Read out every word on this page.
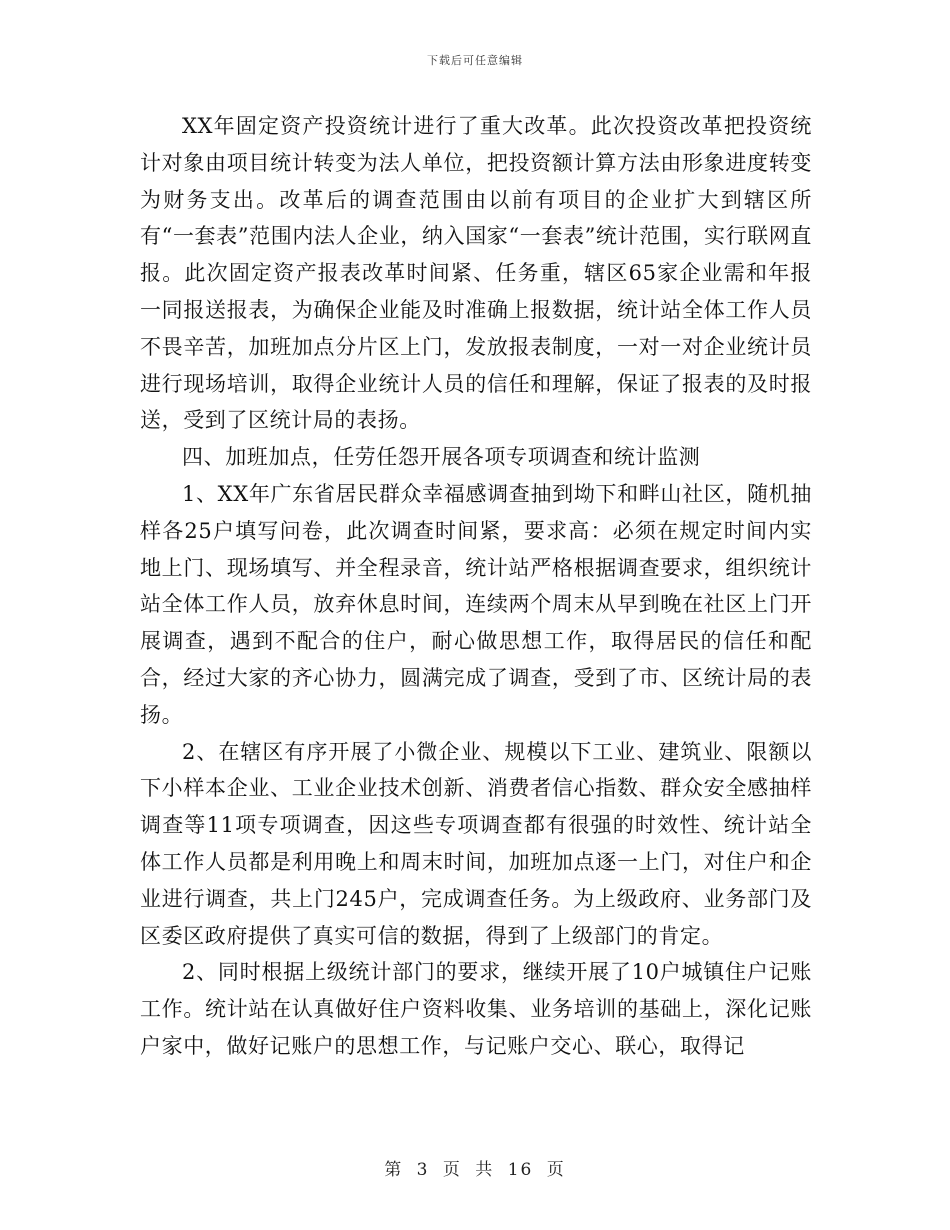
下载后可任意编辑

XX年固定资产投资统计进行了重大改革。此次投资改革把投资统计对象由项目统计转变为法人单位，把投资额计算方法由形象进度转变为财务支出。改革后的调查范围由以前有项目的企业扩大到辖区所有“一套表”范围内法人企业，纳入国家“一套表”统计范围，实行联网直报。此次固定资产报表改革时间紧、任务重，辖区65家企业需和年报一同报送报表，为确保企业能及时准确上报数据，统计站全体工作人员不畏辛苦，加班加点分片区上门，发放报表制度，一对一对企业统计员进行现场培训，取得企业统计人员的信任和理解，保证了报表的及时报送，受到了区统计局的表扬。

四、加班加点，任劳任怨开展各项专项调查和统计监测

1、XX年广东省居民群众幸福感调查抽到坳下和畔山社区，随机抽样各25户填写问卷，此次调查时间紧，要求高：必须在规定时间内实地上门、现场填写、并全程录音，统计站严格根据调查要求，组织统计站全体工作人员，放弃休息时间，连续两个周末从早到晚在社区上门开展调查，遇到不配合的住户，耐心做思想工作，取得居民的信任和配合，经过大家的齐心协力，圆满完成了调查，受到了市、区统计局的表扬。

2、在辖区有序开展了小微企业、规模以下工业、建筑业、限额以下小样本企业、工业企业技术创新、消费者信心指数、群众安全感抽样调查等11项专项调查，因这些专项调查都有很强的时效性、统计站全体工作人员都是利用晚上和周末时间，加班加点逐一上门，对住户和企业进行调查，共上门245户，完成调查任务。为上级政府、业务部门及区委区政府提供了真实可信的数据，得到了上级部门的肯定。

2、同时根据上级统计部门的要求，继续开展了10户城镇住户记账工作。统计站在认真做好住户资料收集、业务培训的基础上，深化记账户家中，做好记账户的思想工作，与记账户交心、联心，取得记

第 3 页 共 16 页
